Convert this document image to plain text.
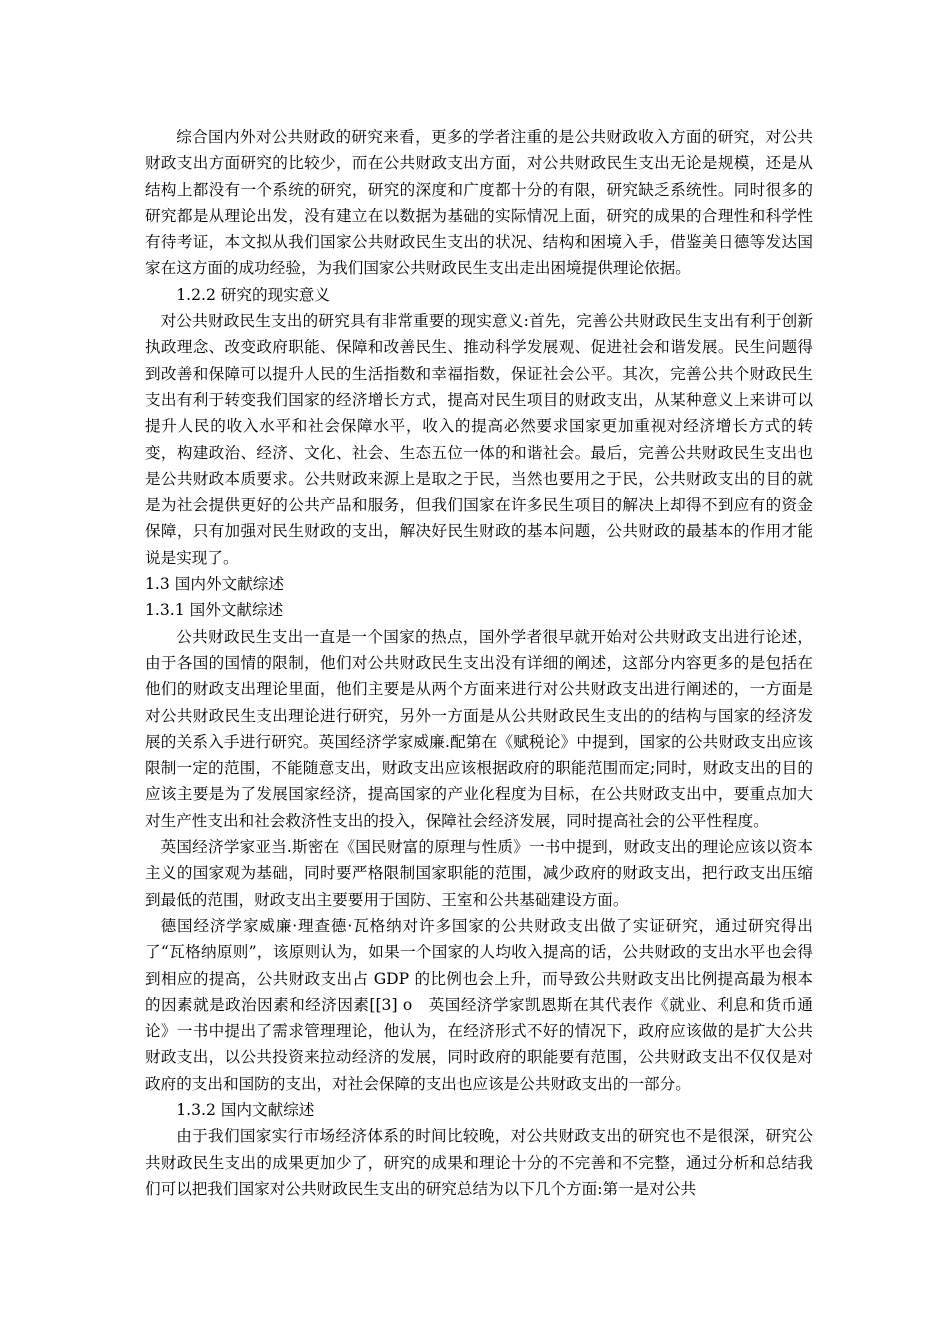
综合国内外对公共财政的研究来看，更多的学者注重的是公共财政收入方面的研究，对公共财政支出方面研究的比较少，而在公共财政支出方面，对公共财政民生支出无论是规模，还是从结构上都没有一个系统的研究，研究的深度和广度都十分的有限，研究缺乏系统性。同时很多的研究都是从理论出发，没有建立在以数据为基础的实际情况上面，研究的成果的合理性和科学性有待考证，本文拟从我们国家公共财政民生支出的状况、结构和困境入手，借鉴美日德等发达国家在这方面的成功经验，为我们国家公共财政民生支出走出困境提供理论依据。

1.2.2 研究的现实意义

对公共财政民生支出的研究具有非常重要的现实意义:首先，完善公共财政民生支出有利于创新执政理念、改变政府职能、保障和改善民生、推动科学发展观、促进社会和谐发展。民生问题得到改善和保障可以提升人民的生活指数和幸福指数，保证社会公平。其次，完善公共个财政民生支出有利于转变我们国家的经济增长方式，提高对民生项目的财政支出，从某种意义上来讲可以提升人民的收入水平和社会保障水平，收入的提高必然要求国家更加重视对经济增长方式的转变，构建政治、经济、文化、社会、生态五位一体的和谐社会。最后，完善公共财政民生支出也是公共财政本质要求。公共财政来源上是取之于民，当然也要用之于民，公共财政支出的目的就是为社会提供更好的公共产品和服务，但我们国家在许多民生项目的解决上却得不到应有的资金保障，只有加强对民生财政的支出，解决好民生财政的基本问题，公共财政的最基本的作用才能说是实现了。

1.3 国内外文献综述

1.3.1 国外文献综述

公共财政民生支出一直是一个国家的热点，国外学者很早就开始对公共财政支出进行论述，由于各国的国情的限制，他们对公共财政民生支出没有详细的阐述，这部分内容更多的是包括在他们的财政支出理论里面，他们主要是从两个方面来进行对公共财政支出进行阐述的，一方面是对公共财政民生支出理论进行研究，另外一方面是从公共财政民生支出的的结构与国家的经济发展的关系入手进行研究。英国经济学家威廉.配第在《赋税论》中提到，国家的公共财政支出应该限制一定的范围，不能随意支出，财政支出应该根据政府的职能范围而定;同时，财政支出的目的应该主要是为了发展国家经济，提高国家的产业化程度为目标，在公共财政支出中，要重点加大对生产性支出和社会救济性支出的投入，保障社会经济发展，同时提高社会的公平性程度。

英国经济学家亚当.斯密在《国民财富的原理与性质》一书中提到，财政支出的理论应该以资本主义的国家观为基础，同时要严格限制国家职能的范围，减少政府的财政支出，把行政支出压缩到最低的范围，财政支出主要要用于国防、王室和公共基础建设方面。

德国经济学家威廉·理查德·瓦格纳对许多国家的公共财政支出做了实证研究，通过研究得出了“瓦格纳原则”，该原则认为，如果一个国家的人均收入提高的话，公共财政的支出水平也会得到相应的提高，公共财政支出占 GDP 的比例也会上升，而导致公共财政支出比例提高最为根本的因素就是政治因素和经济因素[[3] o　英国经济学家凯恩斯在其代表作《就业、利息和货币通论》一书中提出了需求管理理论，他认为，在经济形式不好的情况下，政府应该做的是扩大公共财政支出，以公共投资来拉动经济的发展，同时政府的职能要有范围，公共财政支出不仅仅是对政府的支出和国防的支出，对社会保障的支出也应该是公共财政支出的一部分。

1.3.2 国内文献综述

由于我们国家实行市场经济体系的时间比较晚，对公共财政支出的研究也不是很深，研究公共财政民生支出的成果更加少了，研究的成果和理论十分的不完善和不完整，通过分析和总结我们可以把我们国家对公共财政民生支出的研究总结为以下几个方面:第一是对公共
